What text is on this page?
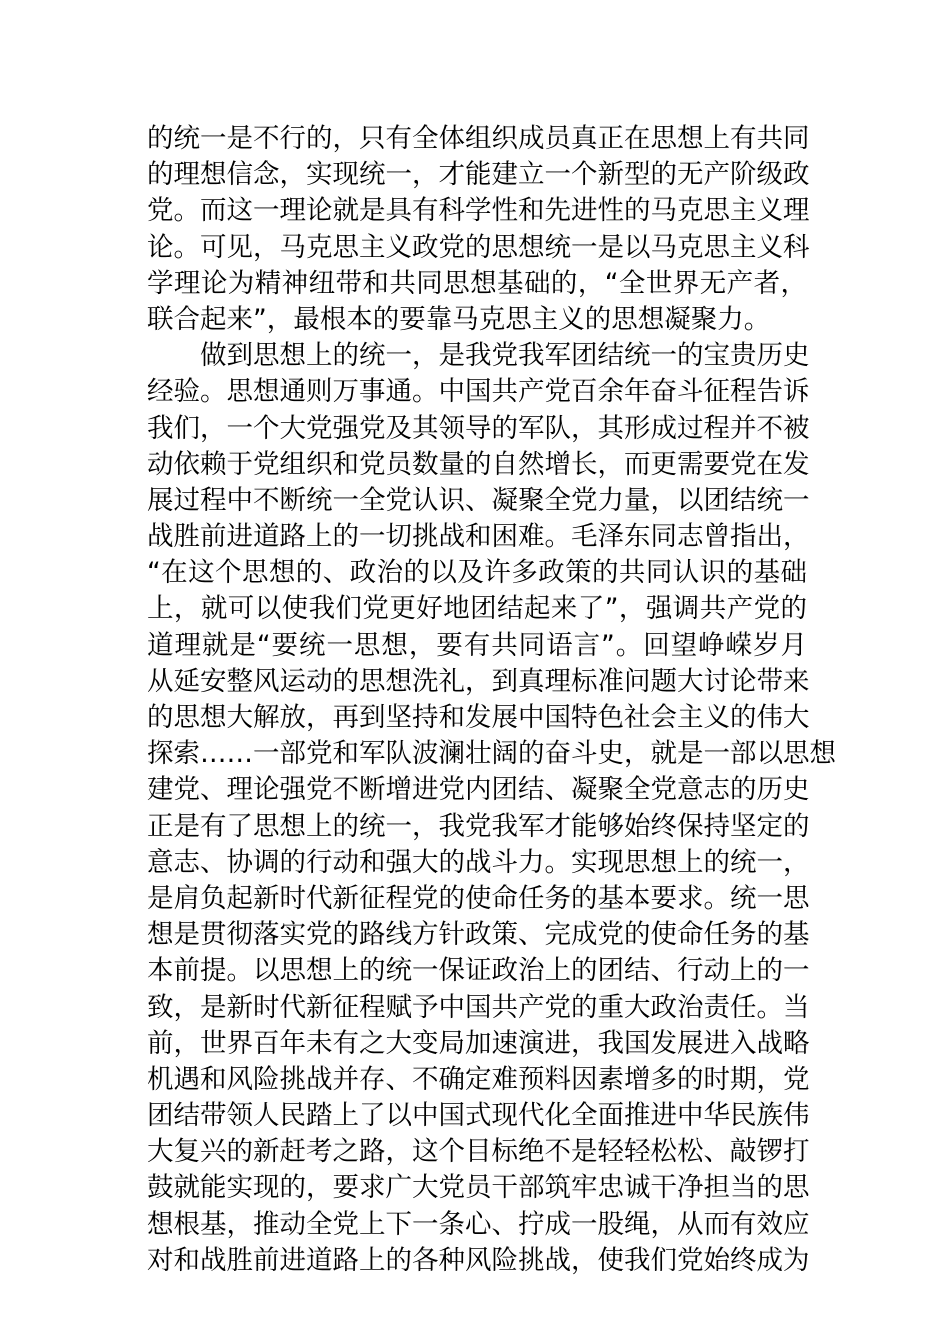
的统一是不行的，只有全体组织成员真正在思想上有共同
的理想信念，实现统一，才能建立一个新型的无产阶级政
党。而这一理论就是具有科学性和先进性的马克思主义理
论。可见，马克思主义政党的思想统一是以马克思主义科
学理论为精神纽带和共同思想基础的，“全世界无产者，
联合起来”，最根本的要靠马克思主义的思想凝聚力。
做到思想上的统一，是我党我军团结统一的宝贵历史
经验。思想通则万事通。中国共产党百余年奋斗征程告诉
我们，一个大党强党及其领导的军队，其形成过程并不被
动依赖于党组织和党员数量的自然增长，而更需要党在发
展过程中不断统一全党认识、凝聚全党力量，以团结统一
战胜前进道路上的一切挑战和困难。毛泽东同志曾指出，
“在这个思想的、政治的以及许多政策的共同认识的基础
上，就可以使我们党更好地团结起来了”，强调共产党的
道理就是“要统一思想，要有共同语言”。回望峥嵘岁月
从延安整风运动的思想洗礼，到真理标准问题大讨论带来
的思想大解放，再到坚持和发展中国特色社会主义的伟大
探索……一部党和军队波澜壮阔的奋斗史，就是一部以思想
建党、理论强党不断增进党内团结、凝聚全党意志的历史
正是有了思想上的统一，我党我军才能够始终保持坚定的
意志、协调的行动和强大的战斗力。实现思想上的统一，
是肩负起新时代新征程党的使命任务的基本要求。统一思
想是贯彻落实党的路线方针政策、完成党的使命任务的基
本前提。以思想上的统一保证政治上的团结、行动上的一
致，是新时代新征程赋予中国共产党的重大政治责任。当
前，世界百年未有之大变局加速演进，我国发展进入战略
机遇和风险挑战并存、不确定难预料因素增多的时期，党
团结带领人民踏上了以中国式现代化全面推进中华民族伟
大复兴的新赶考之路，这个目标绝不是轻轻松松、敲锣打
鼓就能实现的，要求广大党员干部筑牢忠诚干净担当的思
想根基，推动全党上下一条心、拧成一股绳，从而有效应
对和战胜前进道路上的各种风险挑战，使我们党始终成为
